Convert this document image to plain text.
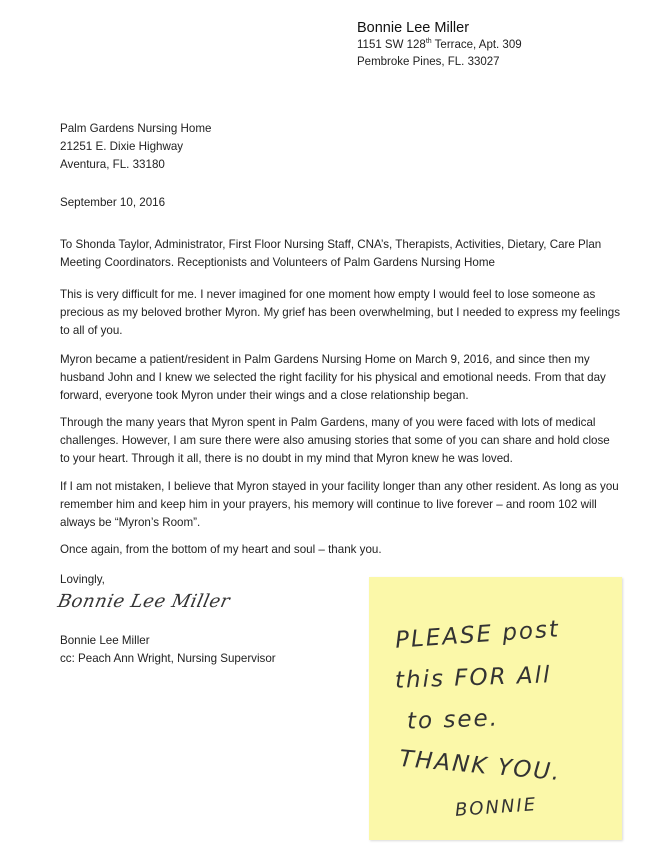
Bonnie Lee Miller
1151 SW 128th Terrace, Apt. 309
Pembroke Pines, FL. 33027
Palm Gardens Nursing Home
21251 E. Dixie Highway
Aventura, FL. 33180
September 10, 2016

To Shonda Taylor, Administrator, First Floor Nursing Staff, CNA’s, Therapists, Activities, Dietary, Care Plan Meeting Coordinators. Receptionists and Volunteers of Palm Gardens Nursing Home

This is very difficult for me. I never imagined for one moment how empty I would feel to lose someone as precious as my beloved brother Myron. My grief has been overwhelming, but I needed to express my feelings to all of you.

Myron became a patient/resident in Palm Gardens Nursing Home on March 9, 2016, and since then my husband John and I knew we selected the right facility for his physical and emotional needs. From that day forward, everyone took Myron under their wings and a close relationship began.

Through the many years that Myron spent in Palm Gardens, many of you were faced with lots of medical challenges. However, I am sure there were also amusing stories that some of you can share and hold close to your heart. Through it all, there is no doubt in my mind that Myron knew he was loved.

If I am not mistaken, I believe that Myron stayed in your facility longer than any other resident. As long as you remember him and keep him in your prayers, his memory will continue to live forever – and room 102 will always be “Myron’s Room”.

Once again, from the bottom of my heart and soul – thank you.

Lovingly,
Bonnie Lee Miller
Bonnie Lee Miller
cc: Peach Ann Wright, Nursing Supervisor
PLEASE post
this FOR All
to see.
THANK YOU.
BONNIE
